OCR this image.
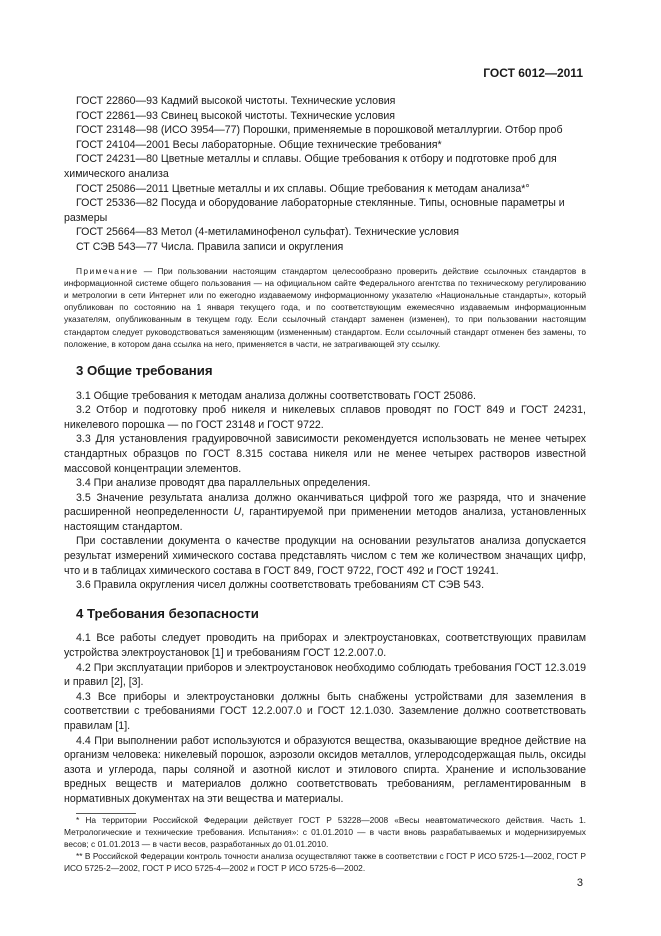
ГОСТ 6012—2011

ГОСТ 22860—93 Кадмий высокой чистоты. Технические условия

ГОСТ 22861—93 Свинец высокой чистоты. Технические условия

ГОСТ 23148—98 (ИСО 3954—77) Порошки, применяемые в порошковой металлургии. Отбор проб

ГОСТ 24104—2001 Весы лабораторные. Общие технические требования*

ГОСТ 24231—80 Цветные металлы и сплавы. Общие требования к отбору и подготовке проб для химического анализа

ГОСТ 25086—2011 Цветные металлы и их сплавы. Общие требования к методам анализа*°

ГОСТ 25336—82 Посуда и оборудование лабораторные стеклянные. Типы, основные параметры и размеры

ГОСТ 25664—83 Метол (4-метиламинофенол сульфат). Технические условия

СТ СЭВ 543—77 Числа. Правила записи и округления

Примечание — При пользовании настоящим стандартом целесообразно проверить действие ссылочных стандартов в информационной системе общего пользования — на официальном сайте Федерального агентства по техническому регулированию и метрологии в сети Интернет или по ежегодно издаваемому информационному указателю «Национальные стандарты», который опубликован по состоянию на 1 января текущего года, и по соответствующим ежемесячно издаваемым информационным указателям, опубликованным в текущем году. Если ссылочный стандарт заменен (изменен), то при пользовании настоящим стандартом следует руководствоваться заменяющим (измененным) стандартом. Если ссылочный стандарт отменен без замены, то положение, в котором дана ссылка на него, применяется в части, не затрагивающей эту ссылку.

3 Общие требования

3.1 Общие требования к методам анализа должны соответствовать ГОСТ 25086.

3.2 Отбор и подготовку проб никеля и никелевых сплавов проводят по ГОСТ 849 и ГОСТ 24231, никелевого порошка — по ГОСТ 23148 и ГОСТ 9722.

3.3 Для установления градуировочной зависимости рекомендуется использовать не менее четырех стандартных образцов по ГОСТ 8.315 состава никеля или не менее четырех растворов известной массовой концентрации элементов.

3.4 При анализе проводят два параллельных определения.

3.5 Значение результата анализа должно оканчиваться цифрой того же разряда, что и значение расширенной неопределенности U, гарантируемой при применении методов анализа, установленных настоящим стандартом.

При составлении документа о качестве продукции на основании результатов анализа допускается результат измерений химического состава представлять числом с тем же количеством значащих цифр, что и в таблицах химического состава в ГОСТ 849, ГОСТ 9722, ГОСТ 492 и ГОСТ 19241.

3.6 Правила округления чисел должны соответствовать требованиям СТ СЭВ 543.

4 Требования безопасности

4.1 Все работы следует проводить на приборах и электроустановках, соответствующих правилам устройства электроустановок [1] и требованиям ГОСТ 12.2.007.0.

4.2 При эксплуатации приборов и электроустановок необходимо соблюдать требования ГОСТ 12.3.019 и правил [2], [3].

4.3 Все приборы и электроустановки должны быть снабжены устройствами для заземления в соответствии с требованиями ГОСТ 12.2.007.0 и ГОСТ 12.1.030. Заземление должно соответствовать правилам [1].

4.4 При выполнении работ используются и образуются вещества, оказывающие вредное действие на организм человека: никелевый порошок, аэрозоли оксидов металлов, углеродсодержащая пыль, оксиды азота и углерода, пары соляной и азотной кислот и этилового спирта. Хранение и использование вредных веществ и материалов должно соответствовать требованиям, регламентированным в нормативных документах на эти вещества и материалы.

* На территории Российской Федерации действует ГОСТ Р 53228—2008 «Весы неавтоматического действия. Часть 1. Метрологические и технические требования. Испытания»: с 01.01.2010 — в части вновь разрабатываемых и модернизируемых весов; с 01.01.2013 — в части весов, разработанных до 01.01.2010.

** В Российской Федерации контроль точности анализа осуществляют также в соответствии с ГОСТ Р ИСО 5725-1—2002, ГОСТ Р ИСО 5725-2—2002, ГОСТ Р ИСО 5725-4—2002 и ГОСТ Р ИСО 5725-6—2002.

3
